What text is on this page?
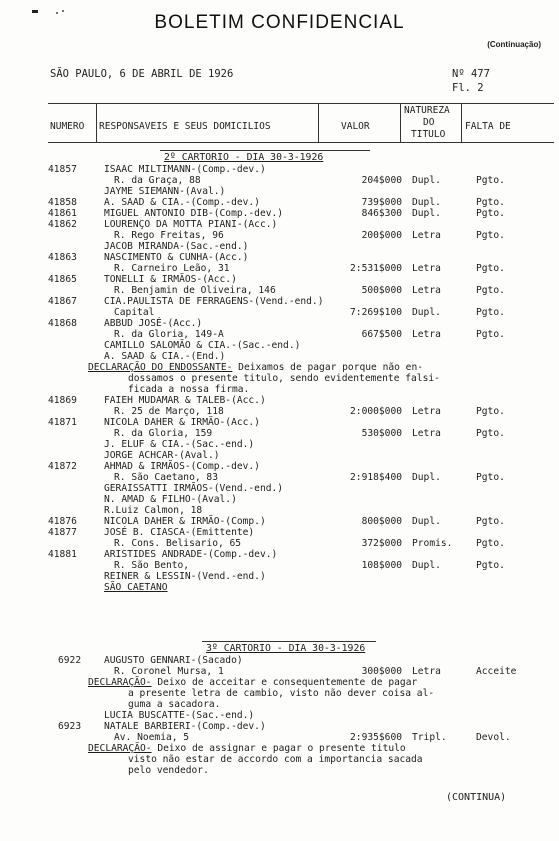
BOLETIM CONFIDENCIAL
(Continuação)
SÃO PAULO, 6 DE ABRIL DE 1926	Nº 477
Fl. 2
NUMERO RESPONSAVEIS E SEUS DOMICILIOS	VALOR
NATUREZA
DO
TITULO
FALTA DE
2º CARTORIO - DIA 30-3-1926
41857	ISAAC MILTIMANN-(Comp.-dev.)
R. da Graça, 88	204$000 Dupl.	Pgto.
JAYME SIEMANN-(Aval.)
41858	A. SAAD & CIA.-(Comp.-dev.)	739$000 Dupl.	Pgto.
41861	MIGUEL ANTONIO DIB-(Comp.-dev.)	846$300 Dupl.	Pgto.
41862	LOURENÇO DA MOTTA PIANI-(Acc.)
R. Rego Freitas, 96	200$000 Letra	Pgto.
JACOB MIRANDA-(Sac.-end.)
41863	NASCIMENTO & CUNHA-(Acc.)
R. Carneiro Leão, 31	2:531$000 Letra	Pgto.
41865	TONELLI & IRMÃOS-(Acc.)
R. Benjamin de Oliveira, 146	500$000 Letra	Pgto.
41867	CIA.PAULISTA DE FERRAGENS-(Vend.-end.)
Capital	7:269$100 Dupl.	Pgto.
41868	ABBUD JOSÉ-(Acc.)
R. da Gloria, 149-A	667$500 Letra	Pgto.
CAMILLO SALOMÃO & CIA.-(Sac.-end.)
A. SAAD & CIA.-(End.)
DECLARAÇÃO DO ENDOSSANTE- Deixamos de pagar porque não en-
dossamos o presente titulo, sendo evidentemente falsi-
ficada a nossa firma.
41869	FAIEH MUDAMAR & TALEB-(Acc.)
R. 25 de Março, 118	2:000$000 Letra	Pgto.
41871	NICOLA DAHER & IRMÃO-(Acc.)
R. da Gloria, 159	530$000 Letra	Pgto.
J. ELUF & CIA.-(Sac.-end.)
JORGE ACHCAR-(Aval.)
41872	AHMAD & IRMÃOS-(Comp.-dev.)
R. São Caetano, 83	2:918$400 Dupl.	Pgto.
GERAISSATTI IRMÃOS-(Vend.-end.)
N. AMAD & FILHO-(Aval.)
R.Luiz Calmon, 18
41876	NICOLA DAHER & IRMÃO-(Comp.)	800$000 Dupl.	Pgto.
41877	JOSÉ B. CIASCA-(Emittente)
R. Cons. Belisario, 65	372$000 Promis. Pgto.
41881	ARISTIDES ANDRADE-(Comp.-dev.)
R. São Bento,	108$000 Dupl.	Pgto.
REINER & LESSIN-(Vend.-end.)
SÃO CAETANO
3º CARTORIO - DIA 30-3-1926
6922 AUGUSTO GENNARI-(Sacado)
R. Coronel Mursa, 1	300$000 Letra	Acceite
DECLARAÇÃO- Deixo de acceitar e consequentemente de pagar
a presente letra de cambio, visto não dever coisa al-
guma a sacadora.
LUCIA BUSCATTE-(Sac.-end.)
6923 NATALE BARBIERI-(Comp.-dev.)
Av. Noemia, 5	2:935$600 Tripl.	Devol.
DECLARAÇÃO- Deixo de assignar e pagar o presente titulo
visto não estar de accordo com a importancia sacada
pelo vendedor.
(CONTINUA)
